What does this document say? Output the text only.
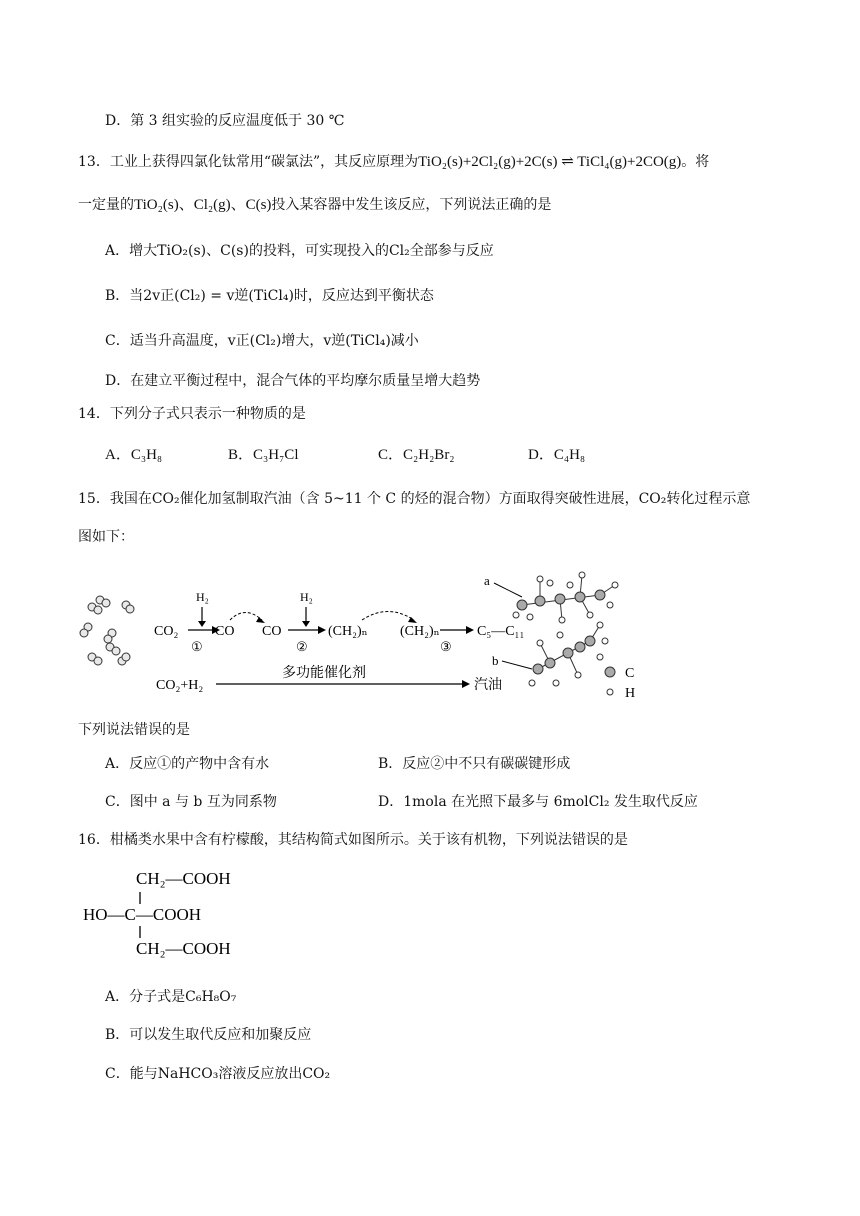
D．第 3 组实验的反应温度低于 30 ℃
13．工业上获得四氯化钛常用“碳氯法”，其反应原理为TiO₂(s)+2Cl₂(g)+2C(s) ⇌ TiCl₄(g)+2CO(g)。将
一定量的TiO₂(s)、Cl₂(g)、C(s)投入某容器中发生该反应，下列说法正确的是
A．增大TiO₂(s)、C(s)的投料，可实现投入的Cl₂全部参与反应
B．当2v正(Cl₂) = v逆(TiCl₄)时，反应达到平衡状态
C．适当升高温度，v正(Cl₂)增大，v逆(TiCl₄)减小
D．在建立平衡过程中，混合气体的平均摩尔质量呈增大趋势
14．下列分子式只表示一种物质的是
A．C₃H₈	B．C₃H₇Cl	C．C₂H₂Br₂	D．C₄H₈
15．我国在CO₂催化加氢制取汽油（含 5~11 个 C 的烃的混合物）方面取得突破性进展，CO₂转化过程示意
图如下：
CO₂
H₂
①
CO CO
H₂
②
(CH₂)ₙ (CH₂)ₙ
③
C₅—C₁₁
多功能催化剂
CO₂+H₂	汽油
a
b
C
H
下列说法错误的是
A．反应①的产物中含有水	B．反应②中不只有碳碳键形成
C．图中 a 与 b 互为同系物	D．1mola 在光照下最多与 6molCl₂ 发生取代反应
16．柑橘类水果中含有柠檬酸，其结构简式如图所示。关于该有机物，下列说法错误的是
CH₂—COOH
HO—C—COOH
CH₂—COOH
A．分子式是C₆H₈O₇
B．可以发生取代反应和加聚反应
C．能与NaHCO₃溶液反应放出CO₂
